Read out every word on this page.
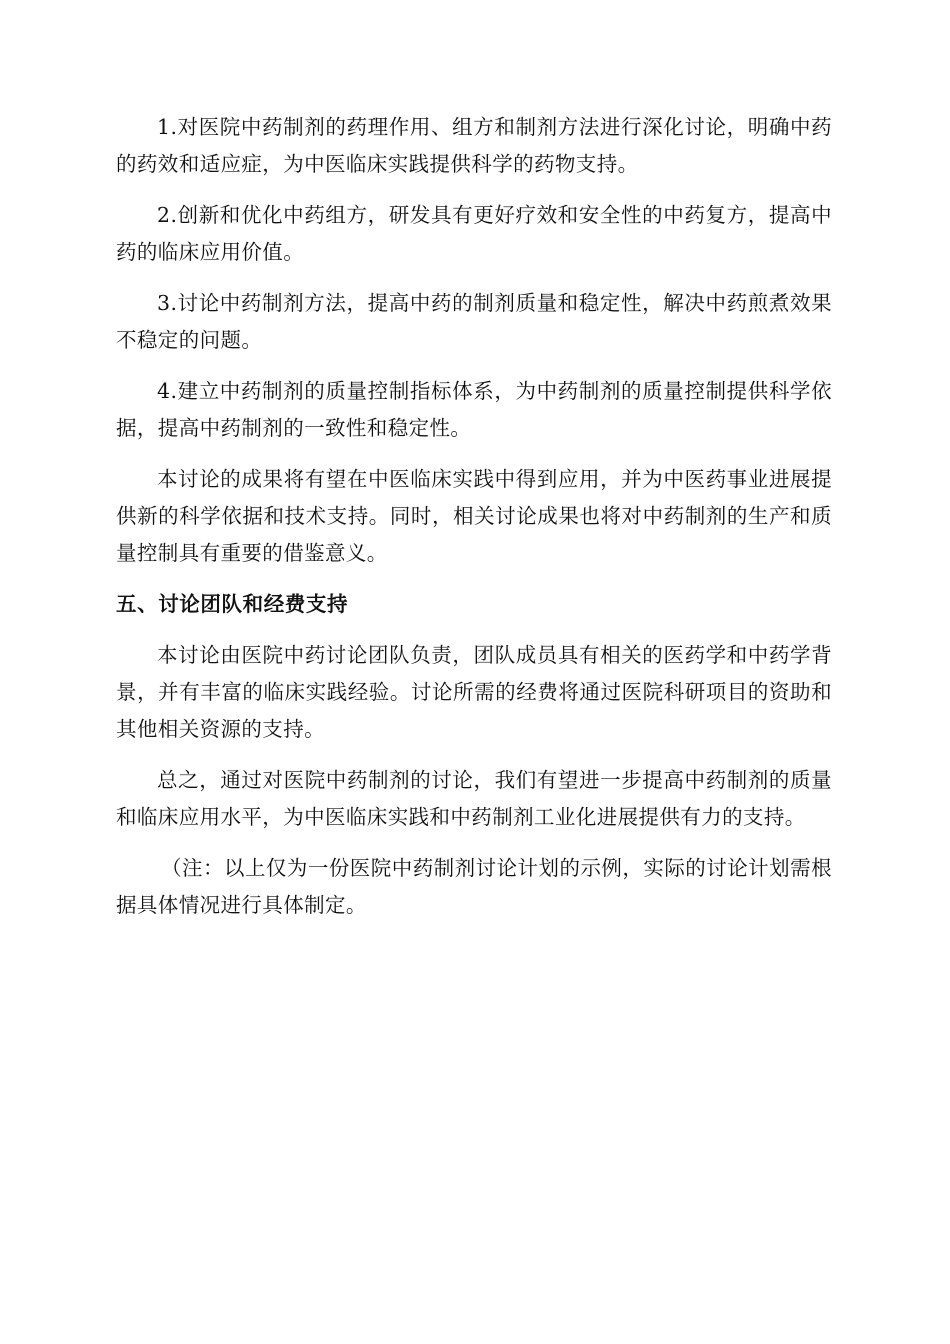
1.对医院中药制剂的药理作用、组方和制剂方法进行深化讨论，明确中药的药效和适应症，为中医临床实践提供科学的药物支持。

2.创新和优化中药组方，研发具有更好疗效和安全性的中药复方，提高中药的临床应用价值。

3.讨论中药制剂方法，提高中药的制剂质量和稳定性，解决中药煎煮效果不稳定的问题。

4.建立中药制剂的质量控制指标体系，为中药制剂的质量控制提供科学依据，提高中药制剂的一致性和稳定性。

本讨论的成果将有望在中医临床实践中得到应用，并为中医药事业进展提供新的科学依据和技术支持。同时，相关讨论成果也将对中药制剂的生产和质量控制具有重要的借鉴意义。

五、讨论团队和经费支持

本讨论由医院中药讨论团队负责，团队成员具有相关的医药学和中药学背景，并有丰富的临床实践经验。讨论所需的经费将通过医院科研项目的资助和其他相关资源的支持。

总之，通过对医院中药制剂的讨论，我们有望进一步提高中药制剂的质量和临床应用水平，为中医临床实践和中药制剂工业化进展提供有力的支持。

（注：以上仅为一份医院中药制剂讨论计划的示例，实际的讨论计划需根据具体情况进行具体制定。
